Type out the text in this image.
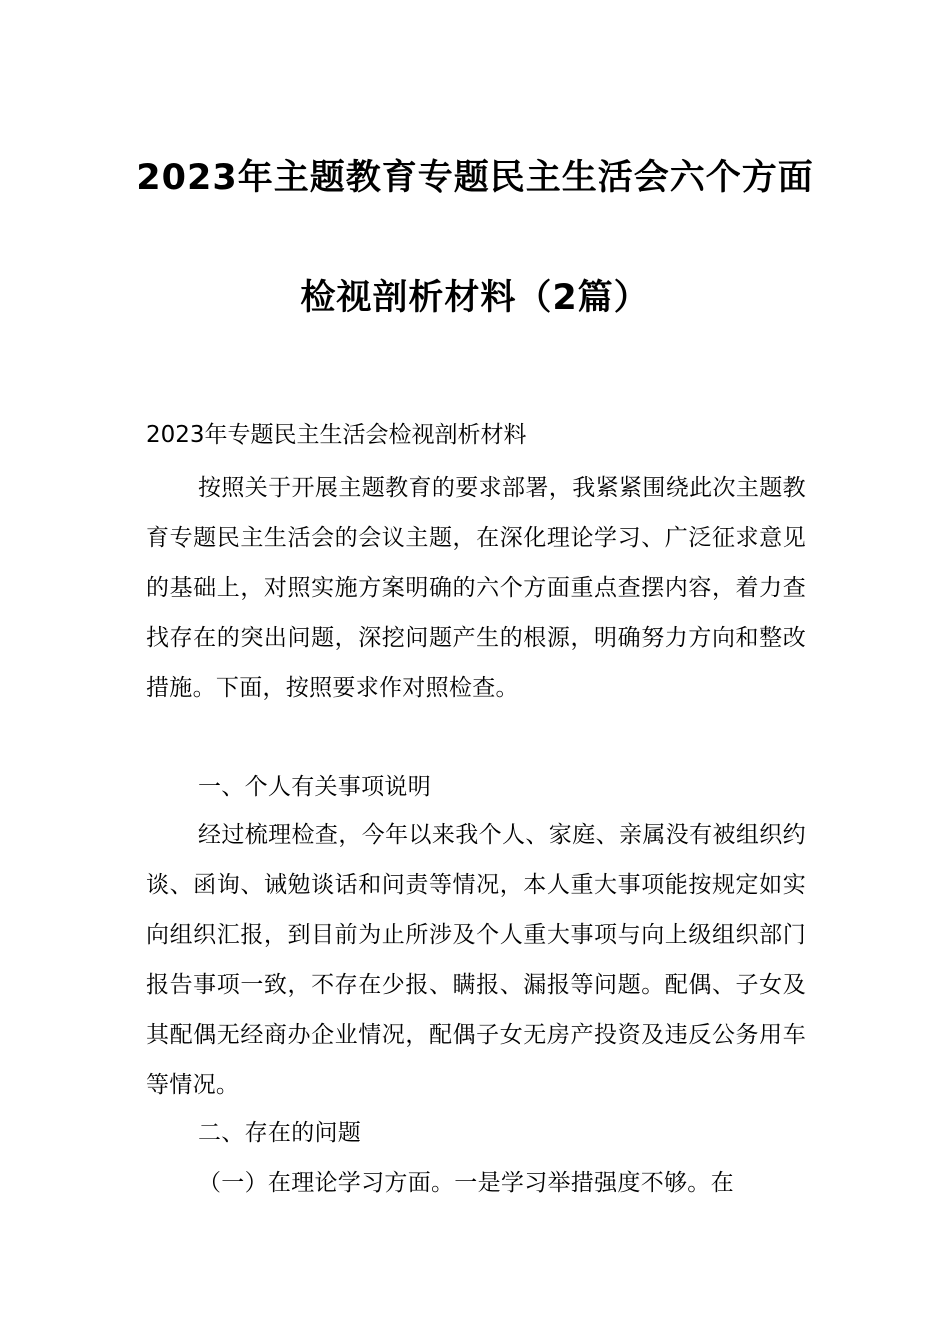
2023年主题教育专题民主生活会六个方面
检视剖析材料（2篇）
2023年专题民主生活会检视剖析材料

按照关于开展主题教育的要求部署，我紧紧围绕此次主题教育专题民主生活会的会议主题，在深化理论学习、广泛征求意见的基础上，对照实施方案明确的六个方面重点查摆内容，着力查找存在的突出问题，深挖问题产生的根源，明确努力方向和整改措施。下面，按照要求作对照检查。

一、个人有关事项说明

经过梳理检查，今年以来我个人、家庭、亲属没有被组织约谈、函询、诫勉谈话和问责等情况，本人重大事项能按规定如实向组织汇报，到目前为止所涉及个人重大事项与向上级组织部门报告事项一致，不存在少报、瞒报、漏报等问题。配偶、子女及其配偶无经商办企业情况，配偶子女无房产投资及违反公务用车等情况。

二、存在的问题

（一）在理论学习方面。一是学习举措强度不够。在
